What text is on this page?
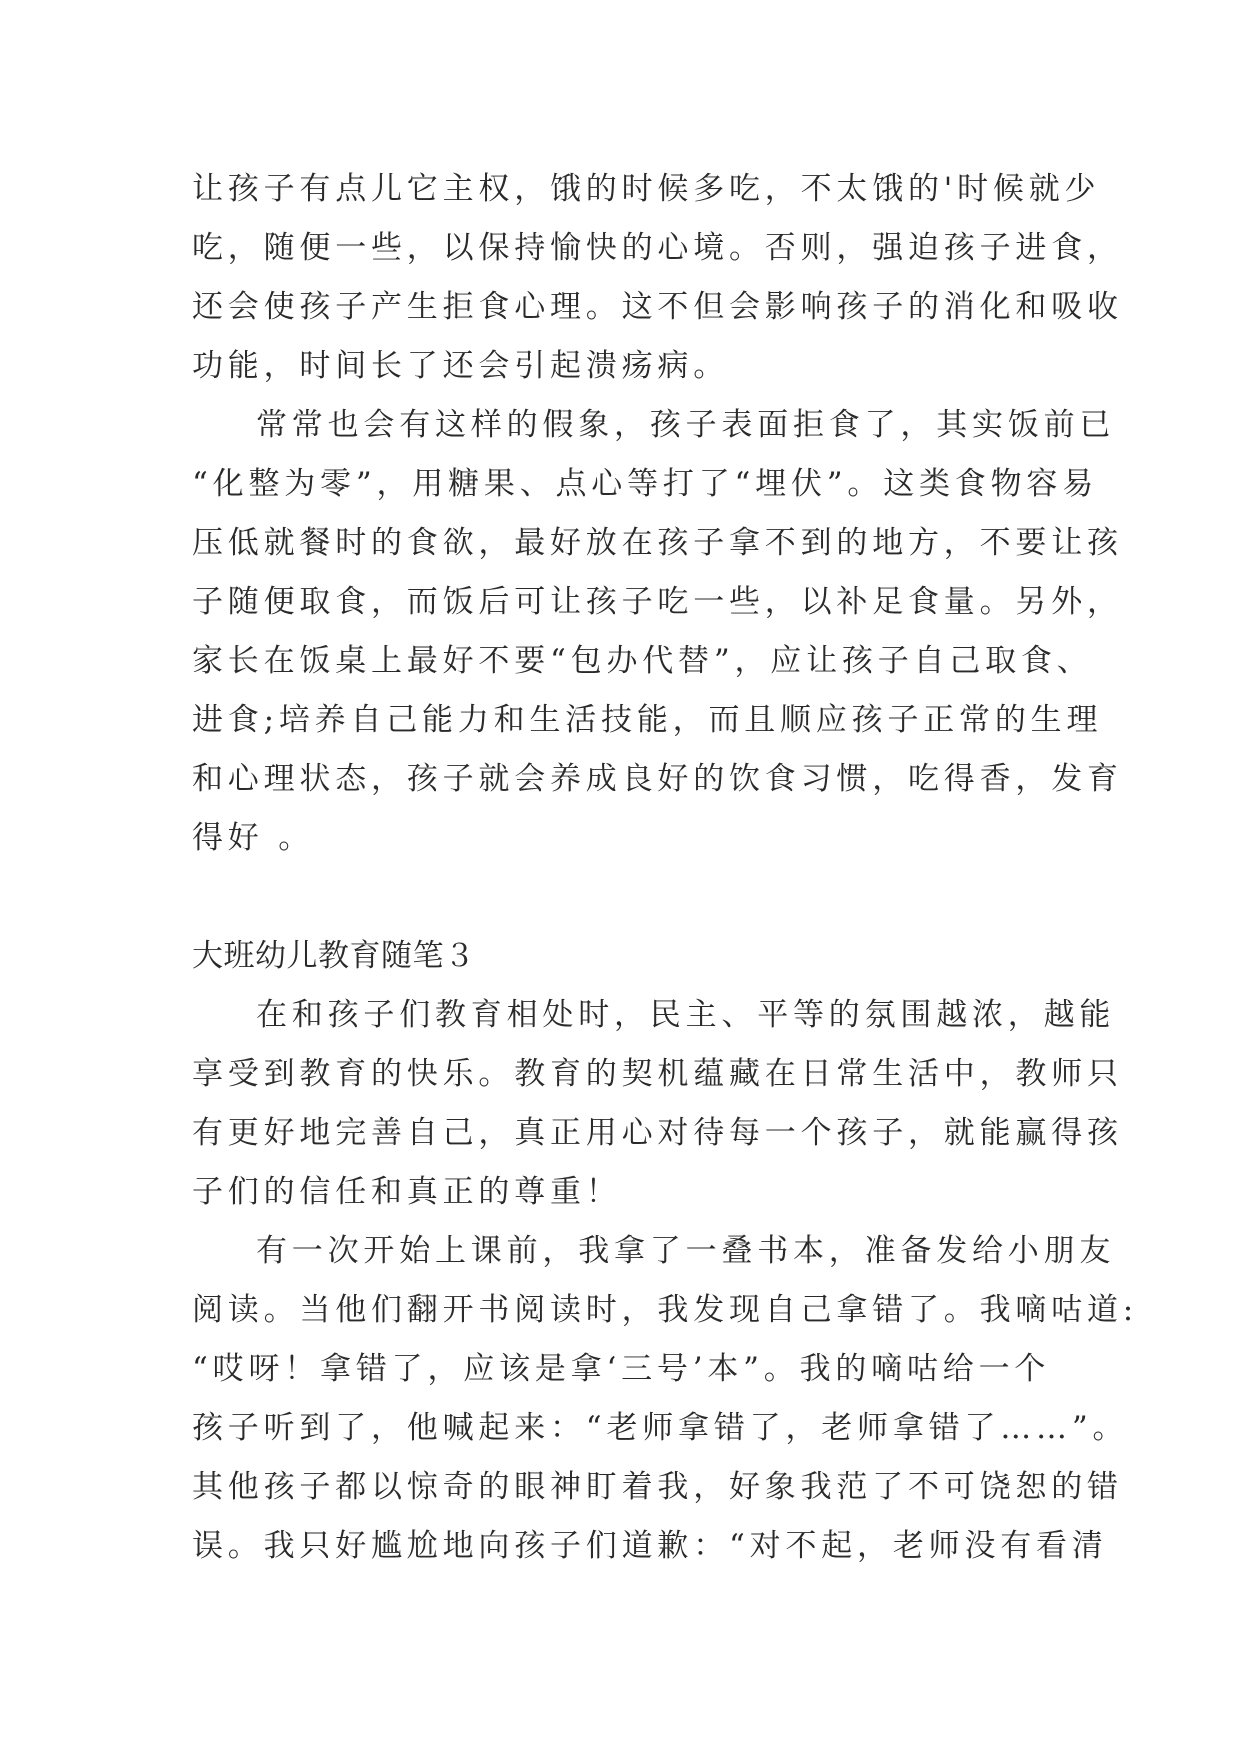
让孩子有点儿它主权，饿的时候多吃，不太饿的'时候就少
吃，随便一些，以保持愉快的心境。否则，强迫孩子进食，
还会使孩子产生拒食心理。这不但会影响孩子的消化和吸收
功能，时间长了还会引起溃疡病。
常常也会有这样的假象，孩子表面拒食了，其实饭前已
“化整为零”，用糖果、点心等打了“埋伏”。这类食物容易
压低就餐时的食欲，最好放在孩子拿不到的地方，不要让孩
子随便取食，而饭后可让孩子吃一些，以补足食量。另外，
家长在饭桌上最好不要“包办代替”，应让孩子自己取食、
进食;培养自己能力和生活技能，而且顺应孩子正常的生理
和心理状态，孩子就会养成良好的饮食习惯，吃得香，发育
得好 。
大班幼儿教育随笔３
在和孩子们教育相处时，民主、平等的氛围越浓，越能
享受到教育的快乐。教育的契机蕴藏在日常生活中，教师只
有更好地完善自己，真正用心对待每一个孩子，就能赢得孩
子们的信任和真正的尊重！
有一次开始上课前，我拿了一叠书本，准备发给小朋友
阅读。当他们翻开书阅读时，我发现自己拿错了。我嘀咕道:
“哎呀！拿错了，应该是拿‘三号’本”。我的嘀咕给一个
孩子听到了，他喊起来：“老师拿错了，老师拿错了……”。
其他孩子都以惊奇的眼神盯着我，好象我范了不可饶恕的错
误。我只好尴尬地向孩子们道歉：“对不起，老师没有看清
